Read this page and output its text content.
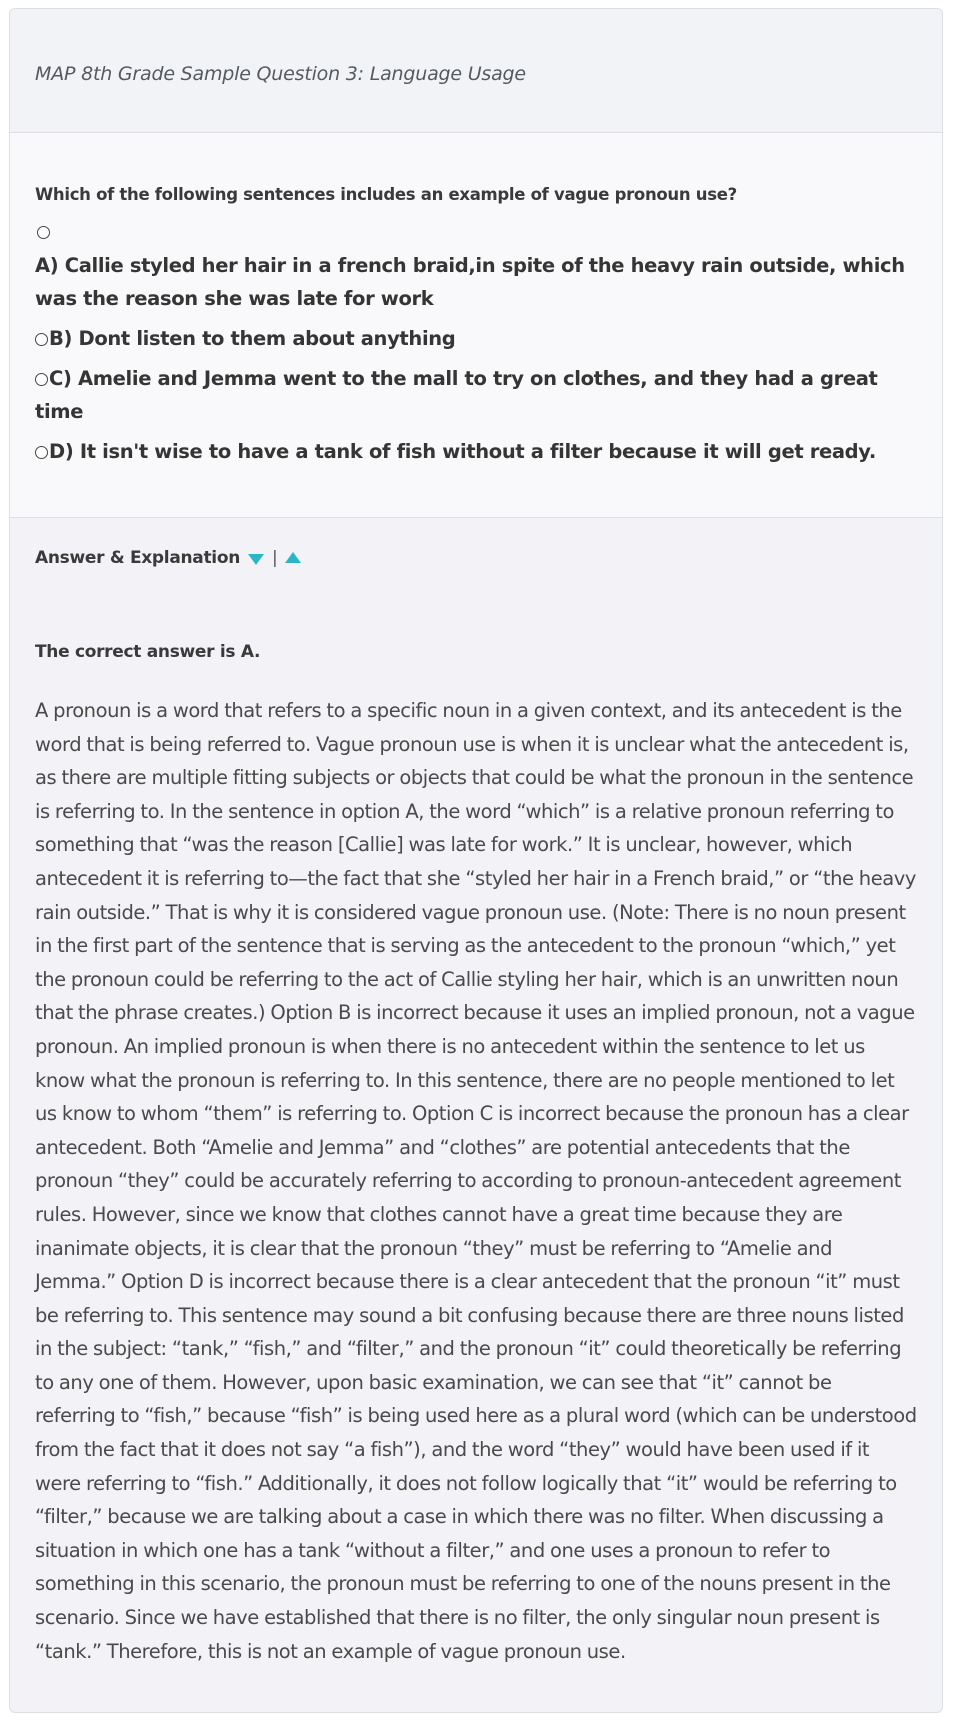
MAP 8th Grade Sample Question 3: Language Usage

Which of the following sentences includes an example of vague pronoun use?

A) Callie styled her hair in a french braid,in spite of the heavy rain outside, which was the reason she was late for work

B) Dont listen to them about anything

C) Amelie and Jemma went to the mall to try on clothes, and they had a great time

D) It isn't wise to have a tank of fish without a filter because it will get ready.

Answer & Explanation |

The correct answer is A.

A pronoun is a word that refers to a specific noun in a given context, and its antecedent is the word that is being referred to. Vague pronoun use is when it is unclear what the antecedent is, as there are multiple fitting subjects or objects that could be what the pronoun in the sentence is referring to. In the sentence in option A, the word “which” is a relative pronoun referring to something that “was the reason [Callie] was late for work.” It is unclear, however, which antecedent it is referring to—the fact that she “styled her hair in a French braid,” or “the heavy rain outside.” That is why it is considered vague pronoun use. (Note: There is no noun present in the first part of the sentence that is serving as the antecedent to the pronoun “which,” yet the pronoun could be referring to the act of Callie styling her hair, which is an unwritten noun that the phrase creates.) Option B is incorrect because it uses an implied pronoun, not a vague pronoun. An implied pronoun is when there is no antecedent within the sentence to let us know what the pronoun is referring to. In this sentence, there are no people mentioned to let us know to whom “them” is referring to. Option C is incorrect because the pronoun has a clear antecedent. Both “Amelie and Jemma” and “clothes” are potential antecedents that the pronoun “they” could be accurately referring to according to pronoun-antecedent agreement rules. However, since we know that clothes cannot have a great time because they are inanimate objects, it is clear that the pronoun “they” must be referring to “Amelie and Jemma.” Option D is incorrect because there is a clear antecedent that the pronoun “it” must be referring to. This sentence may sound a bit confusing because there are three nouns listed in the subject: “tank,” “fish,” and “filter,” and the pronoun “it” could theoretically be referring to any one of them. However, upon basic examination, we can see that “it” cannot be referring to “fish,” because “fish” is being used here as a plural word (which can be understood from the fact that it does not say “a fish”), and the word “they” would have been used if it were referring to “fish.” Additionally, it does not follow logically that “it” would be referring to “filter,” because we are talking about a case in which there was no filter. When discussing a situation in which one has a tank “without a filter,” and one uses a pronoun to refer to something in this scenario, the pronoun must be referring to one of the nouns present in the scenario. Since we have established that there is no filter, the only singular noun present is “tank.” Therefore, this is not an example of vague pronoun use.
